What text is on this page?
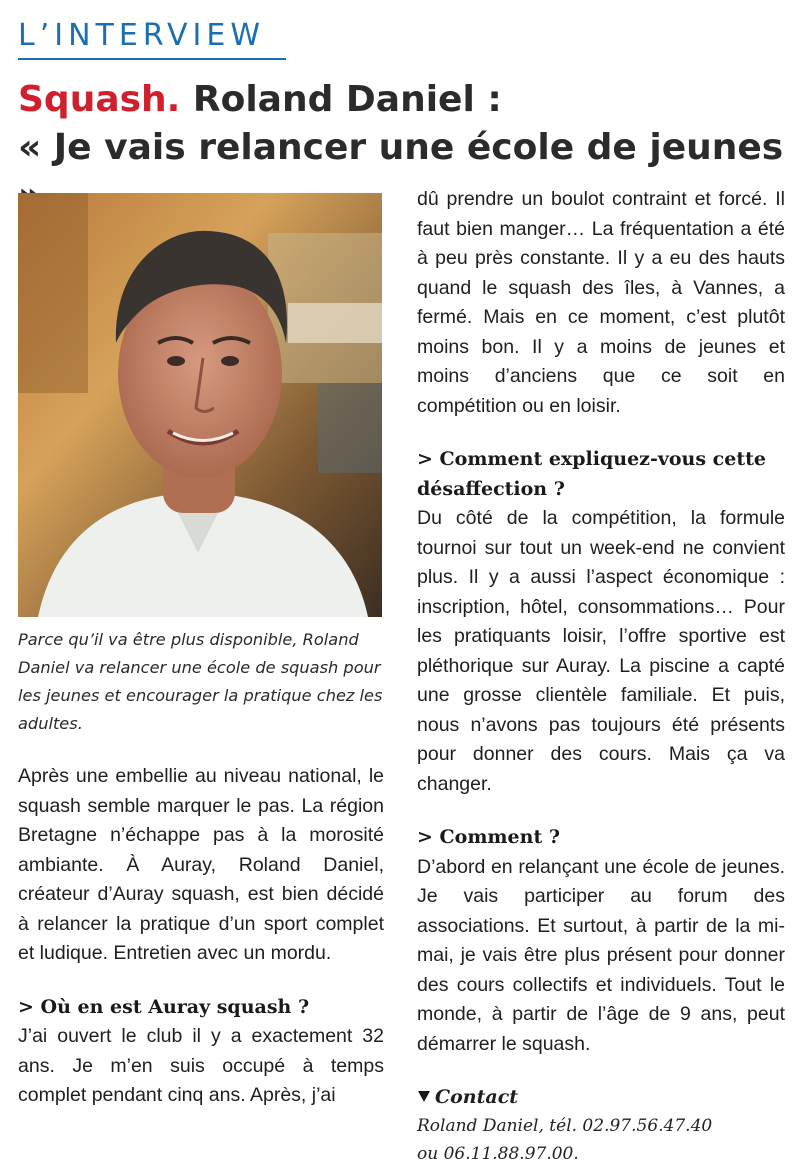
L’INTERVIEW
Squash. Roland Daniel :
« Je vais relancer une école de jeunes

Parce qu’il va être plus disponible, Roland Daniel va relancer une école de squash pour les jeunes et encourager la pratique chez les adultes.

Après une embellie au niveau national, le squash semble marquer le pas. La région Bretagne n’échappe pas à la morosité ambiante. À Auray, Roland Daniel, créateur d’Auray squash, est bien décidé à relancer la pratique d’un sport complet et ludique. Entretien avec un mordu.

> Où en est Auray squash ?

J’ai ouvert le club il y a exactement 32 ans. Je m’en suis occupé à temps complet pendant cinq ans. Après, j’ai

dû prendre un boulot contraint et forcé. Il faut bien manger… La fréquentation a été à peu près constante. Il y a eu des hauts quand le squash des îles, à Vannes, a fermé. Mais en ce moment, c’est plutôt moins bon. Il y a moins de jeunes et moins d’anciens que ce soit en compétition ou en loisir.

> Comment expliquez-vous cette désaffection ?

Du côté de la compétition, la formule tournoi sur tout un week-end ne convient plus. Il y a aussi l’aspect économique : inscription, hôtel, consommations… Pour les pratiquants loisir, l’offre sportive est pléthorique sur Auray. La piscine a capté une grosse clientèle familiale. Et puis, nous n’avons pas toujours été présents pour donner des cours. Mais ça va changer.

> Comment ?

D’abord en relançant une école de jeunes. Je vais participer au forum des associations. Et surtout, à partir de la mi-mai, je vais être plus présent pour donner des cours collectifs et individuels. Tout le monde, à partir de l’âge de 9 ans, peut démarrer le squash.

Contact

Roland Daniel, tél. 02.97.56.47.40

ou 06.11.88.97.00.
